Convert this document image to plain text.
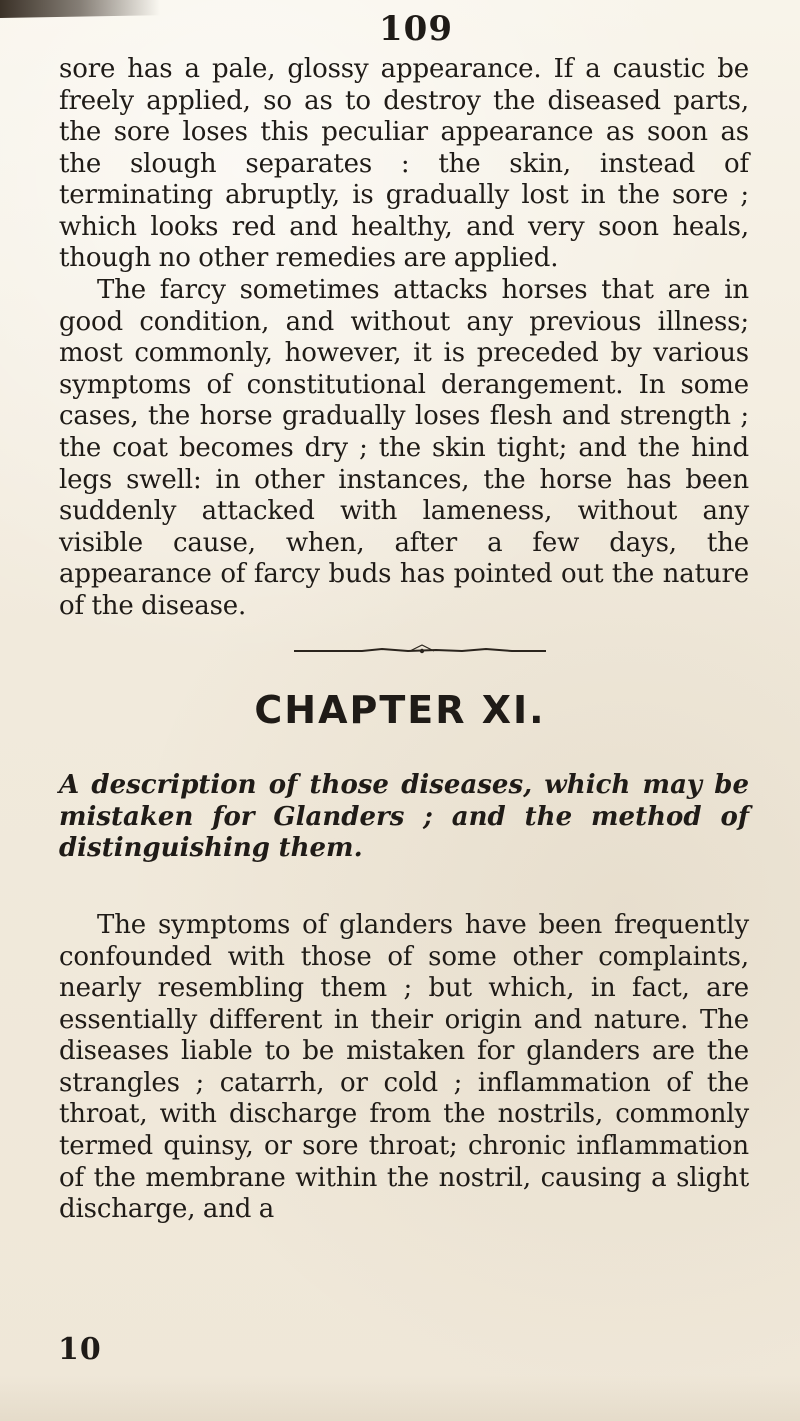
109

sore has a pale, glossy appearance. If a caustic be freely applied, so as to destroy the diseased parts, the sore loses this peculiar appearance as soon as the slough separates : the skin, instead of terminating abruptly, is gradually lost in the sore ; which looks red and healthy, and very soon heals, though no other remedies are applied.

The farcy sometimes attacks horses that are in good condition, and without any previous illness; most commonly, however, it is preceded by various symptoms of constitutional derangement. In some cases, the horse gradually loses flesh and strength ; the coat becomes dry ; the skin tight; and the hind legs swell: in other instances, the horse has been suddenly attacked with lameness, without any visible cause, when, after a few days, the appearance of farcy buds has pointed out the nature of the disease.

CHAPTER XI.
A description of those diseases, which may be mistaken for Glanders ; and the method of distinguishing them.

The symptoms of glanders have been frequently confounded with those of some other complaints, nearly resembling them ; but which, in fact, are essentially different in their origin and nature. The diseases liable to be mistaken for glanders are the strangles ; catarrh, or cold ; inflammation of the throat, with discharge from the nostrils, commonly termed quinsy, or sore throat; chronic inflammation of the membrane within the nostril, causing a slight discharge, and a

10
